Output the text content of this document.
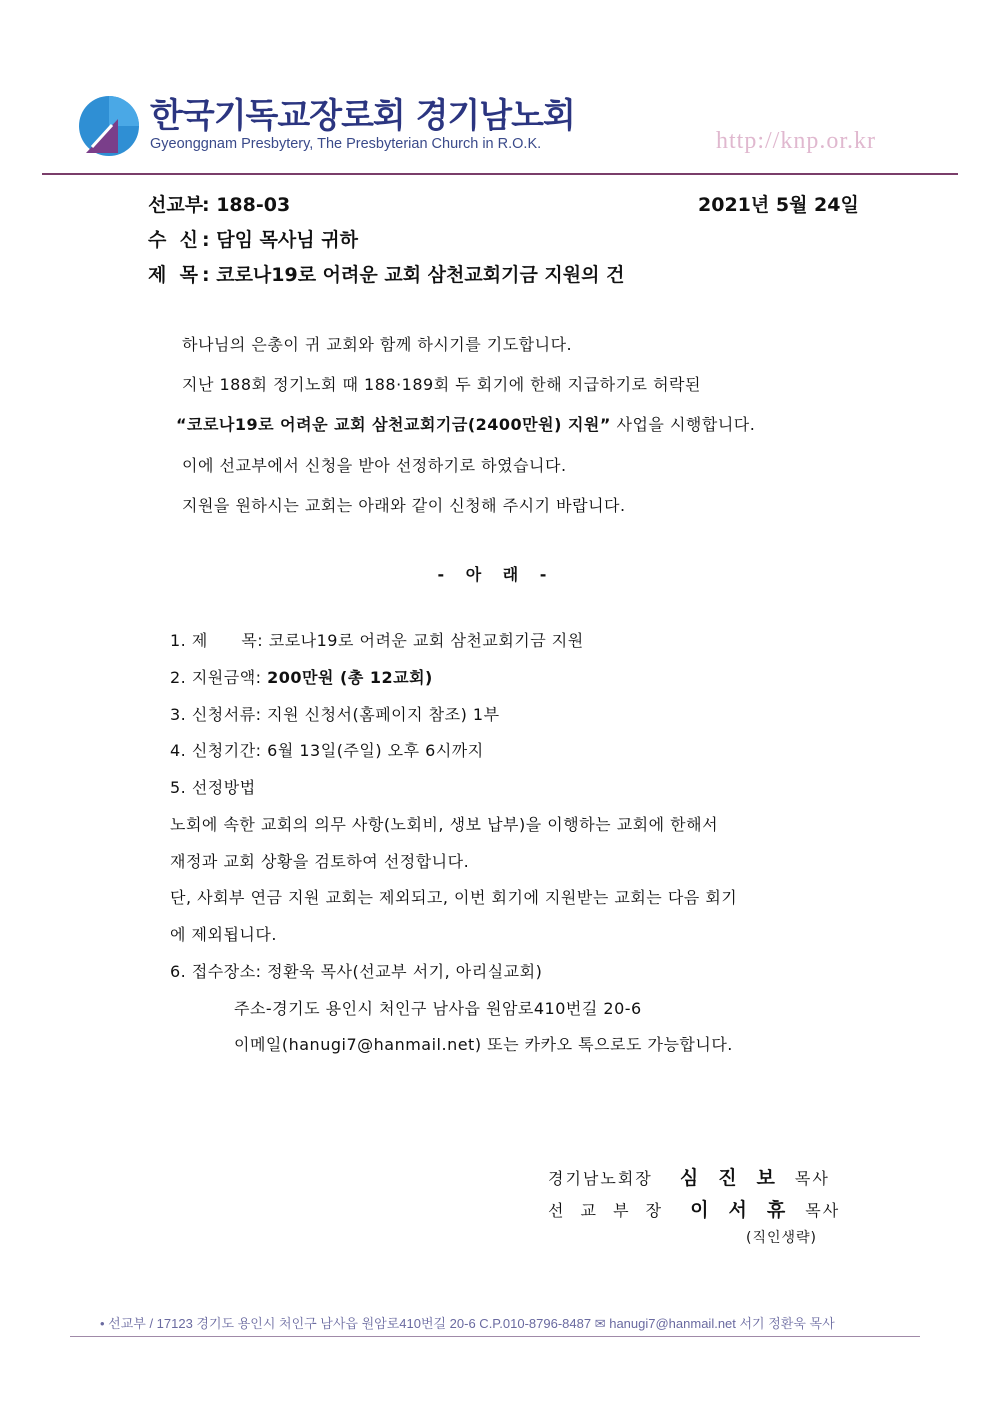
한국기독교장로회 경기남노회
Gyeonggnam Presbytery, The Presbyterian Church in R.O.K.	http://knp.or.kr
선교부: 188-03	2021년 5월 24일
수  신 : 담임 목사님 귀하
제  목 : 코로나19로 어려운 교회 삼천교회기금 지원의 건
하나님의 은총이 귀 교회와 함께 하시기를 기도합니다.
지난 188회 정기노회 때 188·189회 두 회기에 한해 지급하기로 허락된
“코로나19로 어려운 교회 삼천교회기금(2400만원) 지원” 사업을 시행합니다.
이에 선교부에서 신청을 받아 선정하기로 하였습니다.
지원을 원하시는 교회는 아래와 같이 신청해 주시기 바랍니다.
- 아 래 -
1. 제      목: 코로나19로 어려운 교회 삼천교회기금 지원
2. 지원금액: 200만원 (총 12교회)
3. 신청서류: 지원 신청서(홈페이지 참조) 1부
4. 신청기간: 6월 13일(주일) 오후 6시까지
5. 선정방법
노회에 속한 교회의 의무 사항(노회비, 생보 납부)을 이행하는 교회에 한해서
재정과 교회 상황을 검토하여 선정합니다.
단, 사회부 연금 지원 교회는 제외되고, 이번 회기에 지원받는 교회는 다음 회기
에 제외됩니다.
6. 접수장소: 정환욱 목사(선교부 서기, 아리실교회)
주소-경기도 용인시 처인구 남사읍 원암로410번길 20-6
이메일(hanugi7@hanmail.net) 또는 카카오 톡으로도 가능합니다.
경기남노회장 심진보목사
선 교 부 장 이서휴목사
(직인생략)
• 선교부 / 17123 경기도 용인시 처인구 남사읍 원암로410번길 20-6 C.P.010-8796-8487 ✉ hanugi7@hanmail.net 서기 정환욱 목사
